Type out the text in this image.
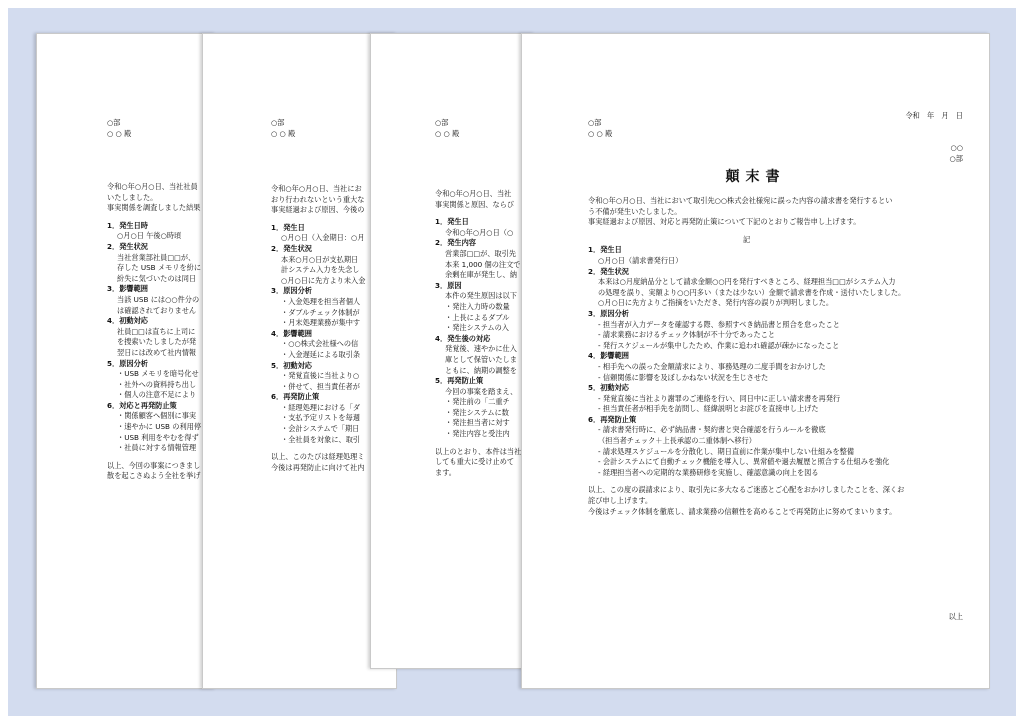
○部
○ ○ 殿
令和○年○月○日、当社社員
いたしました。
事実関係を調査しました結果
1．発生日時
○月○日 午後○時頃
2．発生状況
当社営業部社員□□が、
存した USB メモリを紛に
紛失に気づいたのは同日
3．影響範囲
当該 USB には○○件分の
は確認されておりません
4．初動対応
社員□□は直ちに上司に
を捜索いたしましたが発
翌日には改めて社内情報
5．原因分析
・ USB メモリを暗号化せ
・ 社外への資料持ち出し
・ 個人の注意不足により
6．対応と再発防止策
・ 関係顧客へ個別に事実
・ 速やかに USB の利用停
・ USB 利用をやむを得ず
・ 社員に対する情報管理
以上、今回の事案につきまし
散を起こさぬよう全社を挙げ
○部
○ ○ 殿
令和○年○月○日、当社にお
おり行われないという重大な
事実経過および原因、今後の
1．発生日
○月○日（入金期日：○月
2．発生状況
本来○月○日が支払期日
計システム入力を失念し
○月○日に先方より未入金
3．原因分析
・ 入金処理を担当者個人
・ ダブルチェック体制が
・ 月末処理業務が集中す
4．影響範囲
・ ○○株式会社様への信
・ 入金遅延による取引条
5．初動対応
・ 発覚直後に当社より○
・ 併せて、担当責任者が
6．再発防止策
・ 経理処理における「ダ
・ 支払予定リストを毎週
・ 会計システムで「期日
・ 全社員を対象に、取引
以上、このたびは経理処理ミ
今後は再発防止に向けて社内
○部
○ ○ 殿
令和○年○月○日、当社
事実関係と原因、ならび
1．発生日
令和○年○月○日（○
2．発生内容
営業部□□が、取引先
本来 1,000 個の注文で
余剰在庫が発生し、納
3．原因
本件の発生原因は以下
・ 発注入力時の数量
・ 上長によるダブル
・ 発注システムの入
4．発生後の対応
発覚後、速やかに仕入
庫として保管いたしま
ともに、納期の調整を
5．再発防止策
今回の事案を踏まえ、
・ 発注前の「二重チ
・ 発注システムに数
・ 発注担当者に対す
・ 発注内容と受注内
以上のとおり、本件は当社
しても重大に受け止めて
ます。
令和　年　月　日
○部
○ ○ 殿
○○
○部
顛末書
令和○年○月○日、当社において取引先○○株式会社様宛に誤った内容の請求書を発行するとい
う不備が発生いたしました。
事実経過および原因、対応と再発防止策について下記のとおりご報告申し上げます。
記
1．発生日
○月○日（請求書発行日）
2．発生状況
本来は○月度納品分として請求金額○○円を発行すべきところ、経理担当□□がシステム入力
の処理を誤り、実額より○○円多い（または少ない）金額で請求書を作成・送付いたしました。
○月○日に先方よりご指摘をいただき、発行内容の誤りが判明しました。
3．原因分析
- 担当者が入力データを確認する際、参照すべき納品書と照合を怠ったこと
- 請求業務におけるチェック体制が不十分であったこと
- 発行スケジュールが集中したため、作業に追われ確認が疎かになったこと
4．影響範囲
- 相手先への誤った金額請求により、事務処理の二度手間をおかけした
- 信頼関係に影響を及ぼしかねない状況を生じさせた
5．初動対応
- 発覚直後に当社より謝罪のご連絡を行い、同日中に正しい請求書を再発行
- 担当責任者が相手先を訪問し、経緯説明とお詫びを直接申し上げた
6．再発防止策
- 請求書発行時に、必ず納品書・契約書と突合確認を行うルールを徹底
（担当者チェック＋上長承認の二重体制へ移行）
- 請求処理スケジュールを分散化し、期日直前に作業が集中しない仕組みを整備
- 会計システムにて自動チェック機能を導入し、異常値や過去履歴と照合する仕組みを強化
- 経理担当者への定期的な業務研修を実施し、確認意識の向上を図る
以上、この度の誤請求により、取引先に多大なるご迷惑とご心配をおかけしましたことを、深くお
詫び申し上げます。
今後はチェック体制を徹底し、請求業務の信頼性を高めることで再発防止に努めてまいります。
以上
